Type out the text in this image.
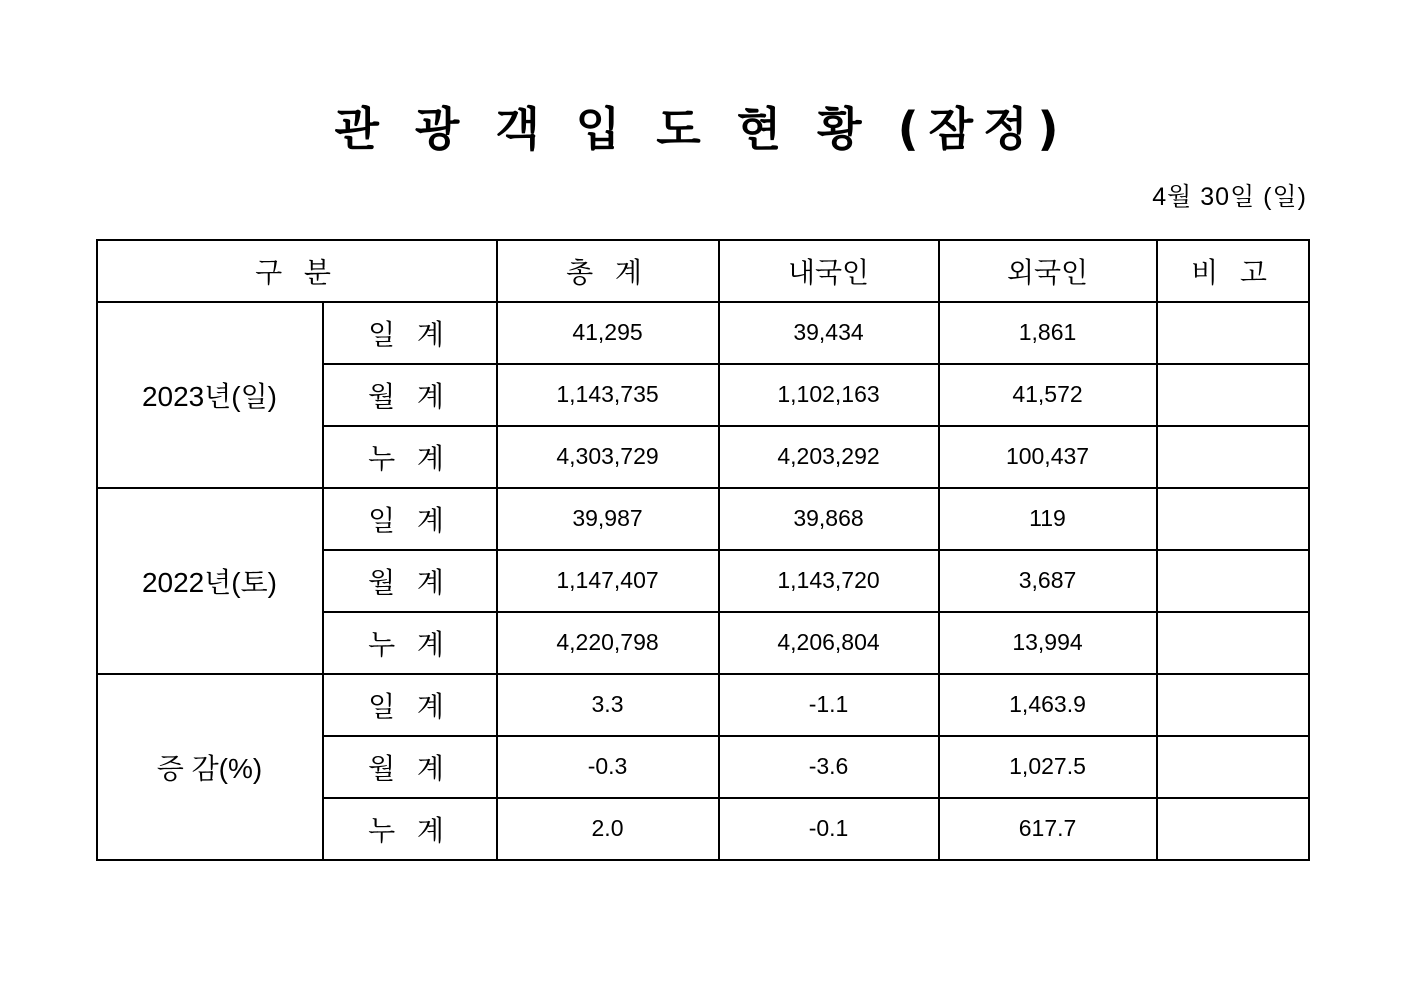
관 광 객 입 도 현 황 (잠정)
4월 30일 (일)
구 분		총 계	내국인	외국인	비 고
2023년(일)	일 계	41,295	39,434	1,861	
	월 계	1,143,735	1,102,163	41,572	
	누 계	4,303,729	4,203,292	100,437	
2022년(토)	일 계	39,987	39,868	119	
	월 계	1,147,407	1,143,720	3,687	
	누 계	4,220,798	4,206,804	13,994	
증 감(%)	일 계	3.3	-1.1	1,463.9	
	월 계	-0.3	-3.6	1,027.5	
	누 계	2.0	-0.1	617.7	
